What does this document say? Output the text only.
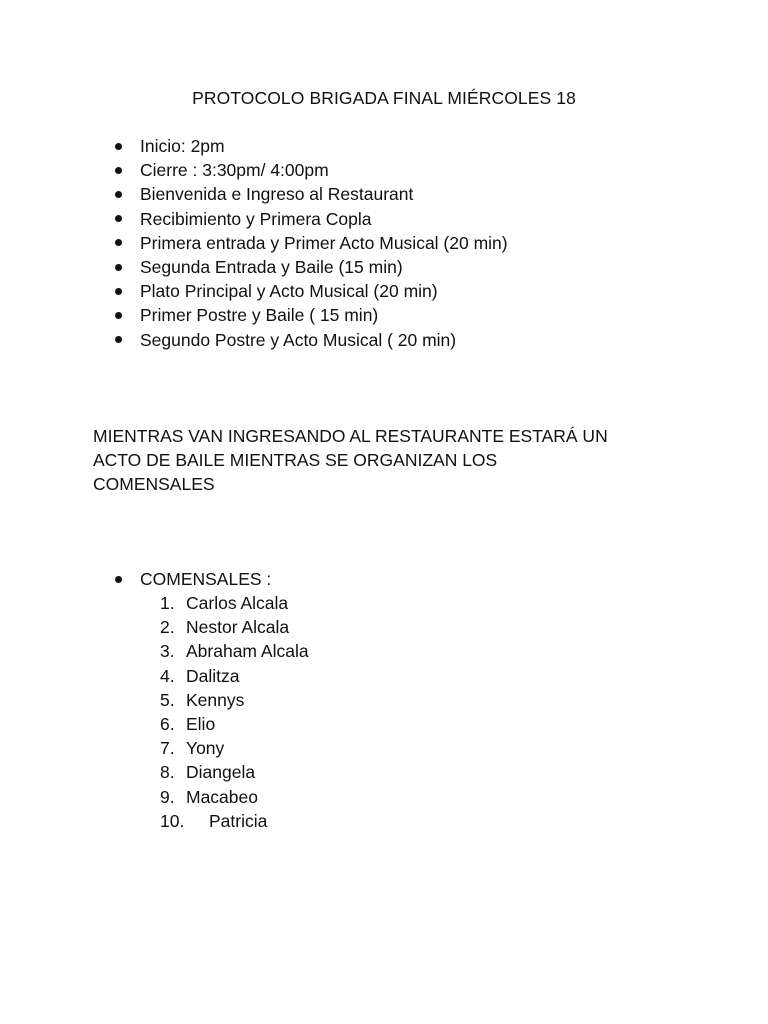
PROTOCOLO BRIGADA FINAL MIÉRCOLES 18
Inicio: 2pm
Cierre : 3:30pm/ 4:00pm
Bienvenida e Ingreso al Restaurant
Recibimiento y Primera Copla
Primera entrada y Primer Acto Musical (20 min)
Segunda Entrada y Baile (15 min)
Plato Principal y Acto Musical (20 min)
Primer Postre y Baile ( 15 min)
Segundo Postre y Acto Musical ( 20 min)
MIENTRAS VAN INGRESANDO AL RESTAURANTE ESTARÁ UN
ACTO DE BAILE MIENTRAS SE ORGANIZAN LOS
COMENSALES
COMENSALES :
1. Carlos Alcala
2. Nestor Alcala
3. Abraham Alcala
4. Dalitza
5. Kennys
6. Elio
7. Yony
8. Diangela
9. Macabeo
10.	Patricia
